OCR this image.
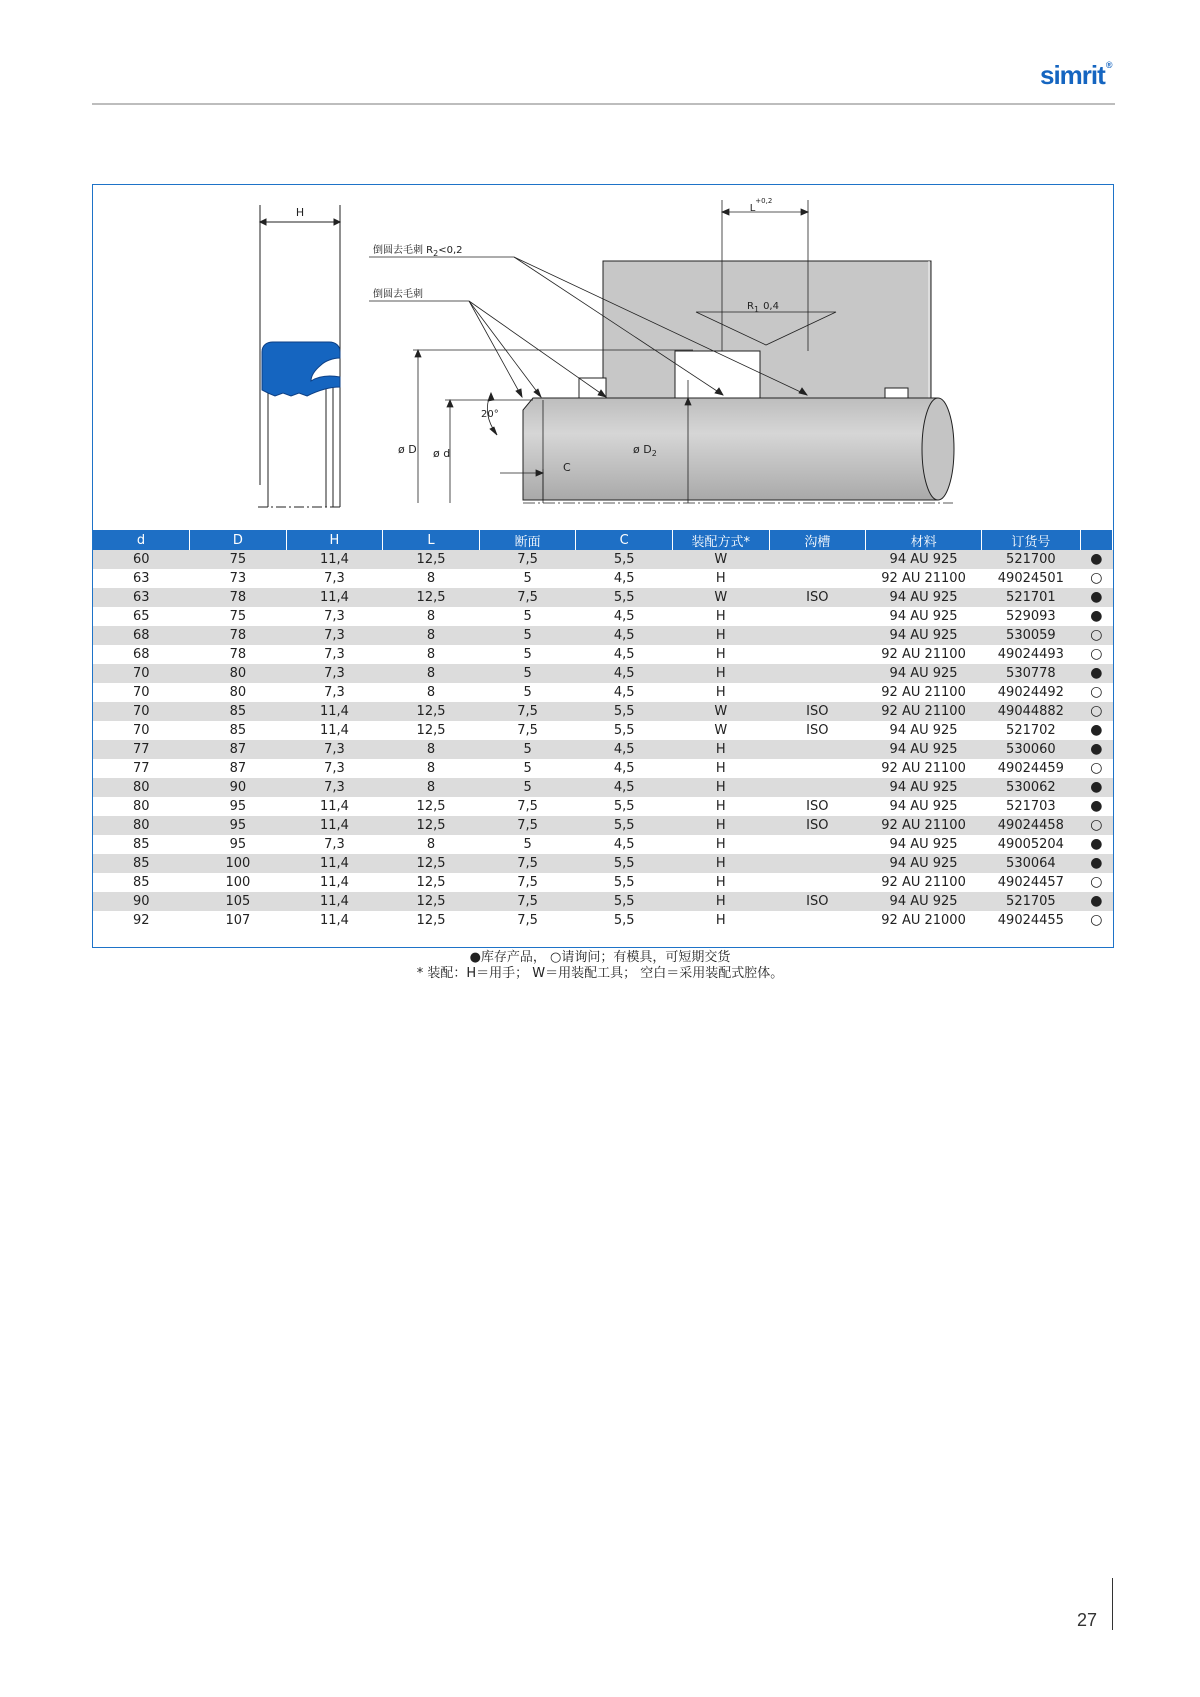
simrit®
H
倒圆去毛刺 $R_2<0,2$
倒圆去毛刺
$L^{+0,2}$
$R_1$ 0,4
20°
ø D ø d	ø $D_2$
C
d	D	H	L	断面	C	装配方式*	沟槽	材料	订货号	
60	75	11,4	12,5	7,5	5,5	W		94 AU 925	521700	●
63	73	7,3	8	5	4,5	H		92 AU 21100	49024501	○
63	78	11,4	12,5	7,5	5,5	W	ISO	94 AU 925	521701	●
65	75	7,3	8	5	4,5	H		94 AU 925	529093	●
68	78	7,3	8	5	4,5	H		94 AU 925	530059	○
68	78	7,3	8	5	4,5	H		92 AU 21100	49024493	○
70	80	7,3	8	5	4,5	H		94 AU 925	530778	●
70	80	7,3	8	5	4,5	H		92 AU 21100	49024492	○
70	85	11,4	12,5	7,5	5,5	W	ISO	92 AU 21100	49044882	○
70	85	11,4	12,5	7,5	5,5	W	ISO	94 AU 925	521702	●
77	87	7,3	8	5	4,5	H		94 AU 925	530060	●
77	87	7,3	8	5	4,5	H		92 AU 21100	49024459	○
80	90	7,3	8	5	4,5	H		94 AU 925	530062	●
80	95	11,4	12,5	7,5	5,5	H	ISO	94 AU 925	521703	●
80	95	11,4	12,5	7,5	5,5	H	ISO	92 AU 21100	49024458	○
85	95	7,3	8	5	4,5	H		94 AU 925	49005204	●
85	100	11,4	12,5	7,5	5,5	H		94 AU 925	530064	●
85	100	11,4	12,5	7,5	5,5	H		92 AU 21100	49024457	○
90	105	11,4	12,5	7,5	5,5	H	ISO	94 AU 925	521705	●
92	107	11,4	12,5	7,5	5,5	H		92 AU 21000	49024455	○
●库存产品， ○请询问；有模具，可短期交货
* 装配：H＝用手； W＝用装配工具； 空白＝采用装配式腔体。
27
